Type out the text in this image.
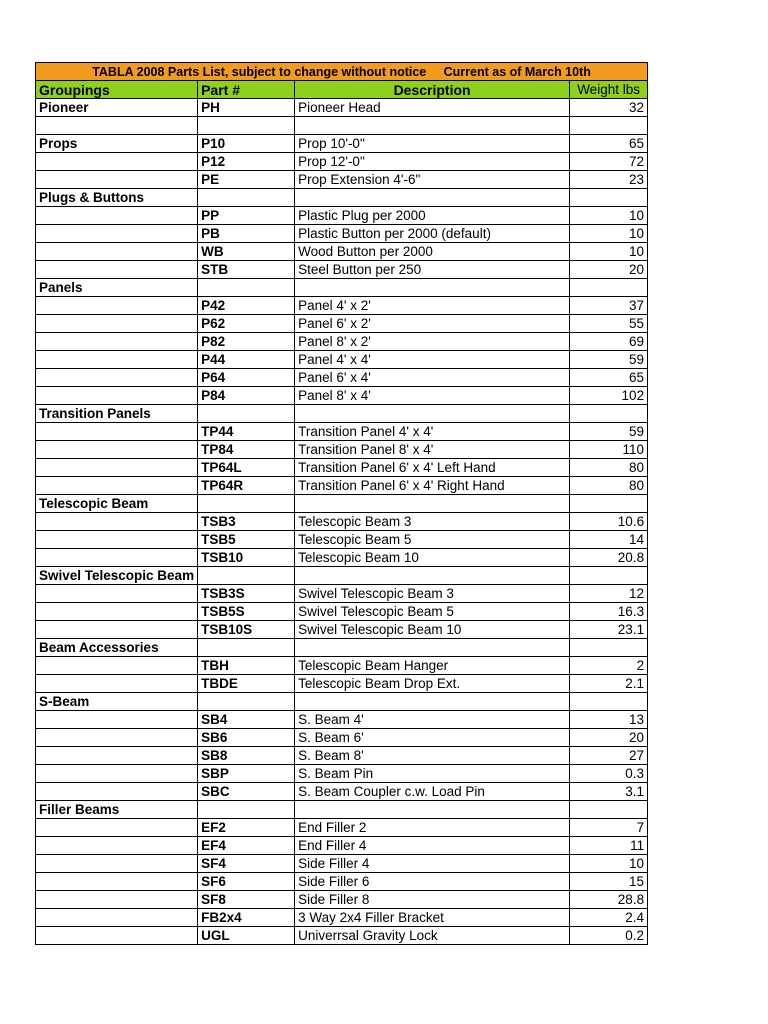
TABLA 2008 Parts List, subject to change without notice     Current as of March 10th			
Groupings	Part #	Description	Weight lbs
Pioneer	PH	Pioneer Head	32

Props	P10	Prop 10'-0"	65
	P12	Prop 12'-0"	72
	PE	Prop Extension 4'-6"	23
Plugs & Buttons			
	PP	Plastic Plug per 2000	10
	PB	Plastic Button per 2000 (default)	10
	WB	Wood Button per 2000	10
	STB	Steel Button per 250	20
Panels			
	P42	Panel 4' x 2'	37
	P62	Panel 6' x 2'	55
	P82	Panel 8' x 2'	69
	P44	Panel 4' x 4'	59
	P64	Panel 6' x 4'	65
	P84	Panel 8' x 4'	102
Transition Panels			
	TP44	Transition Panel 4' x 4'	59
	TP84	Transition Panel 8' x 4'	110
	TP64L	Transition Panel 6' x 4' Left Hand	80
	TP64R	Transition Panel 6' x 4' Right Hand	80
Telescopic Beam			
	TSB3	Telescopic Beam 3	10.6
	TSB5	Telescopic Beam 5	14
	TSB10	Telescopic Beam 10	20.8
Swivel Telescopic Beam			
	TSB3S	Swivel Telescopic Beam 3	12
	TSB5S	Swivel Telescopic Beam 5	16.3
	TSB10S	Swivel Telescopic Beam 10	23.1
Beam Accessories			
	TBH	Telescopic Beam Hanger	2
	TBDE	Telescopic Beam Drop Ext.	2.1
S-Beam			
	SB4	S. Beam 4'	13
	SB6	S. Beam 6'	20
	SB8	S. Beam 8'	27
	SBP	S. Beam Pin	0.3
	SBC	S. Beam Coupler c.w. Load Pin	3.1
Filler Beams			
	EF2	End Filler 2	7
	EF4	End Filler 4	11
	SF4	Side Filler 4	10
	SF6	Side Filler 6	15
	SF8	Side Filler 8	28.8
	FB2x4	3 Way 2x4 Filler Bracket	2.4
	UGL	Univerrsal Gravity Lock	0.2
